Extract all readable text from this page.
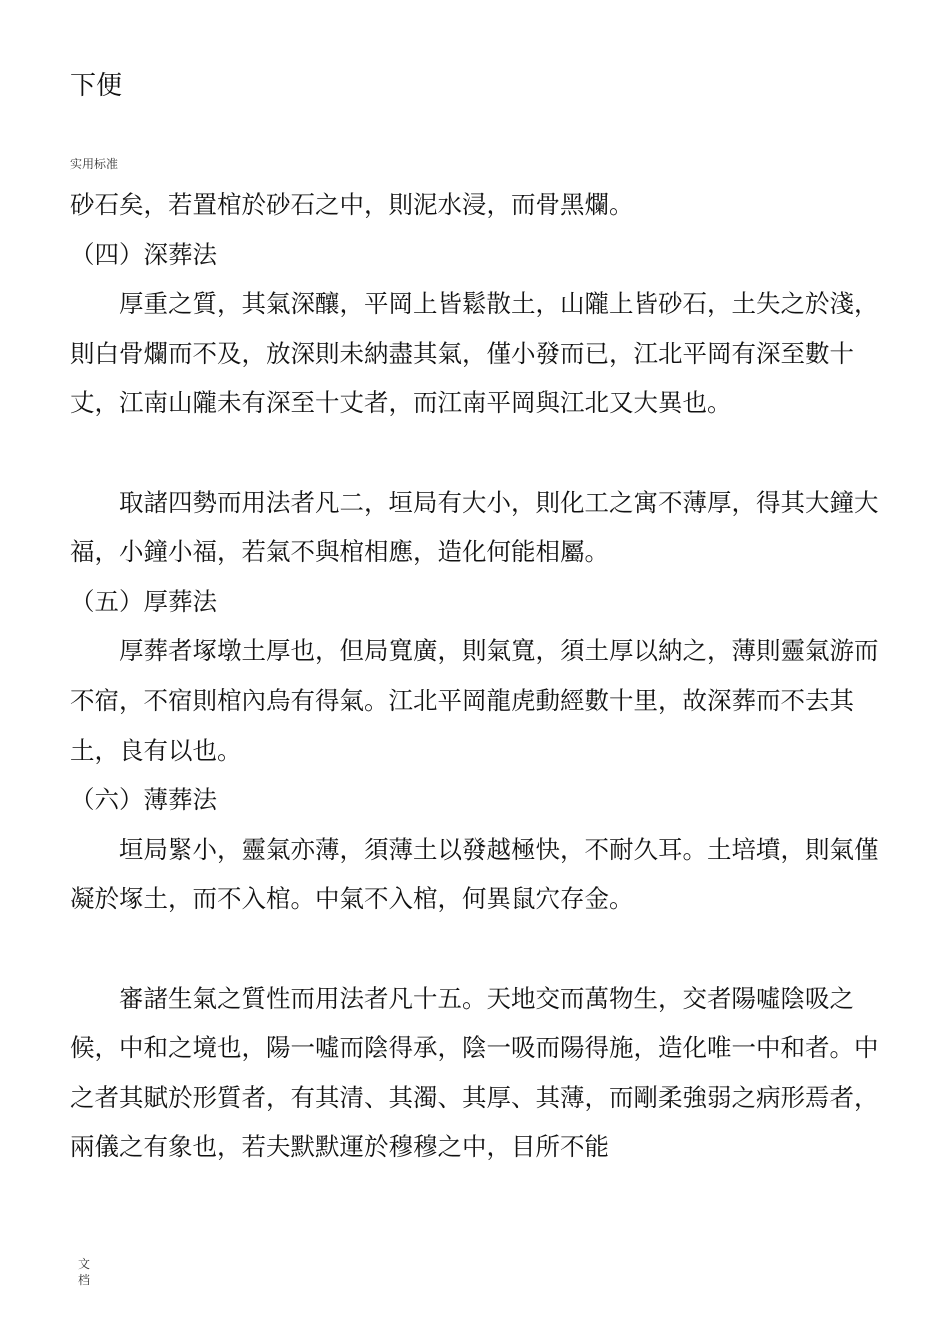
下便
实用标准

砂石矣，若置棺於砂石之中，則泥水浸，而骨黑爛。

（四）深葬法

厚重之質，其氣深釀，平岡上皆鬆散土，山隴上皆砂石，土失之於淺，則白骨爛而不及，放深則未納盡其氣，僅小發而已，江北平岡有深至數十丈，江南山隴未有深至十丈者，而江南平岡與江北又大異也。

取諸四勢而用法者凡二，垣局有大小，則化工之寓不薄厚，得其大鐘大福，小鐘小福，若氣不與棺相應，造化何能相屬。

（五）厚葬法

厚葬者塚墩土厚也，但局寬廣，則氣寬，須土厚以納之，薄則靈氣游而不宿，不宿則棺內烏有得氣。江北平岡龍虎動經數十里，故深葬而不去其土，良有以也。

（六）薄葬法

垣局緊小，靈氣亦薄，須薄土以發越極快，不耐久耳。土培墳，則氣僅凝於塚土，而不入棺。中氣不入棺，何異鼠穴存金。

審諸生氣之質性而用法者凡十五。天地交而萬物生，交者陽噓陰吸之候，中和之境也，陽一噓而陰得承，陰一吸而陽得施，造化唯一中和者。中之者其賦於形質者，有其清、其濁、其厚、其薄，而剛柔強弱之病形焉者，兩儀之有象也，若夫默默運於穆穆之中，目所不能

文档
